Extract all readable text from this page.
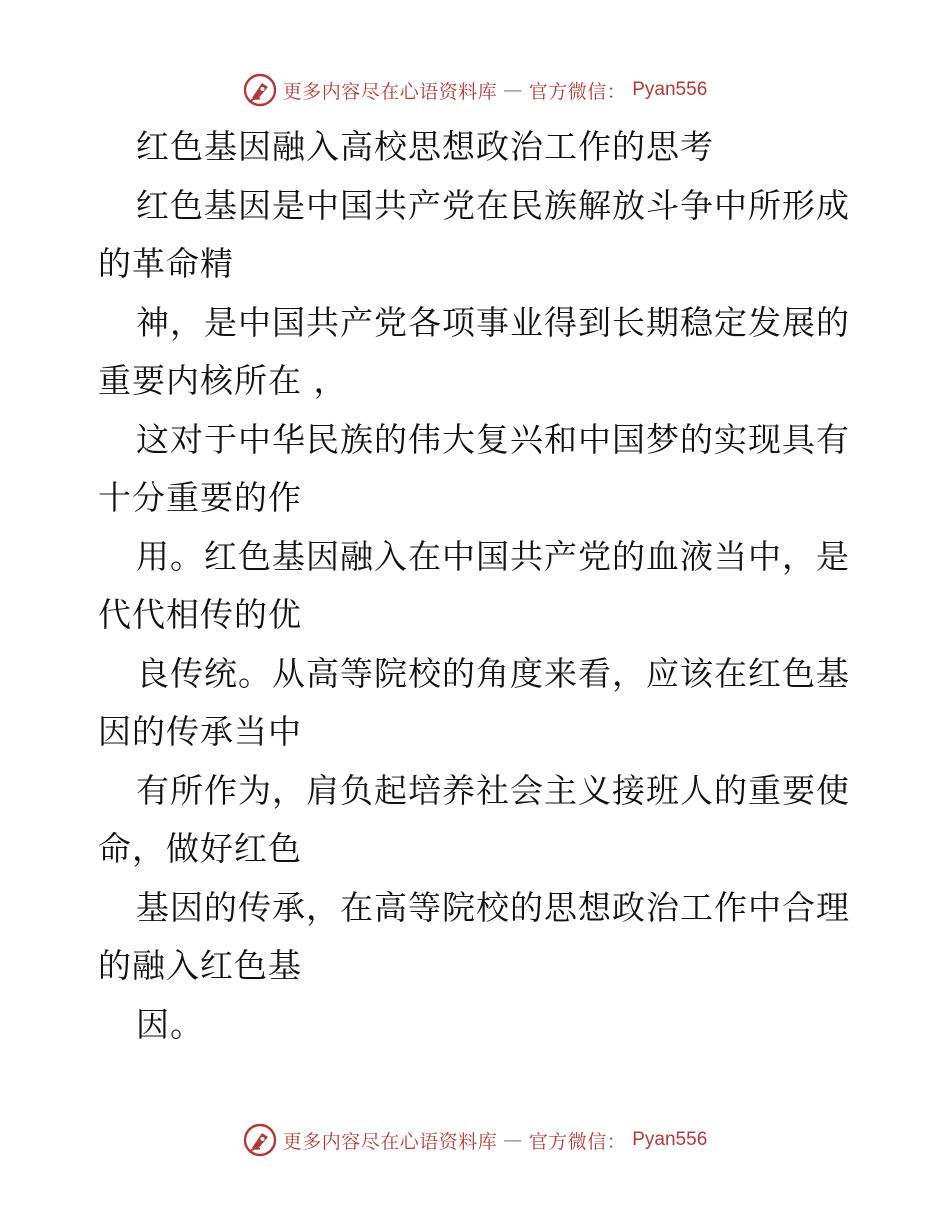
更多内容尽在心语资料库 — 官方微信： Pyan556
红色基因融入高校思想政治工作的思考
红色基因是中国共产党在民族解放斗争中所形成
的革命精
神，是中国共产党各项事业得到长期稳定发展的
重要内核所在 ，
这对于中华民族的伟大复兴和中国梦的实现具有
十分重要的作
用。红色基因融入在中国共产党的血液当中，是
代代相传的优
良传统。从高等院校的角度来看，应该在红色基
因的传承当中
有所作为，肩负起培养社会主义接班人的重要使
命，做好红色
基因的传承，在高等院校的思想政治工作中合理
的融入红色基
因。
更多内容尽在心语资料库 — 官方微信： Pyan556
